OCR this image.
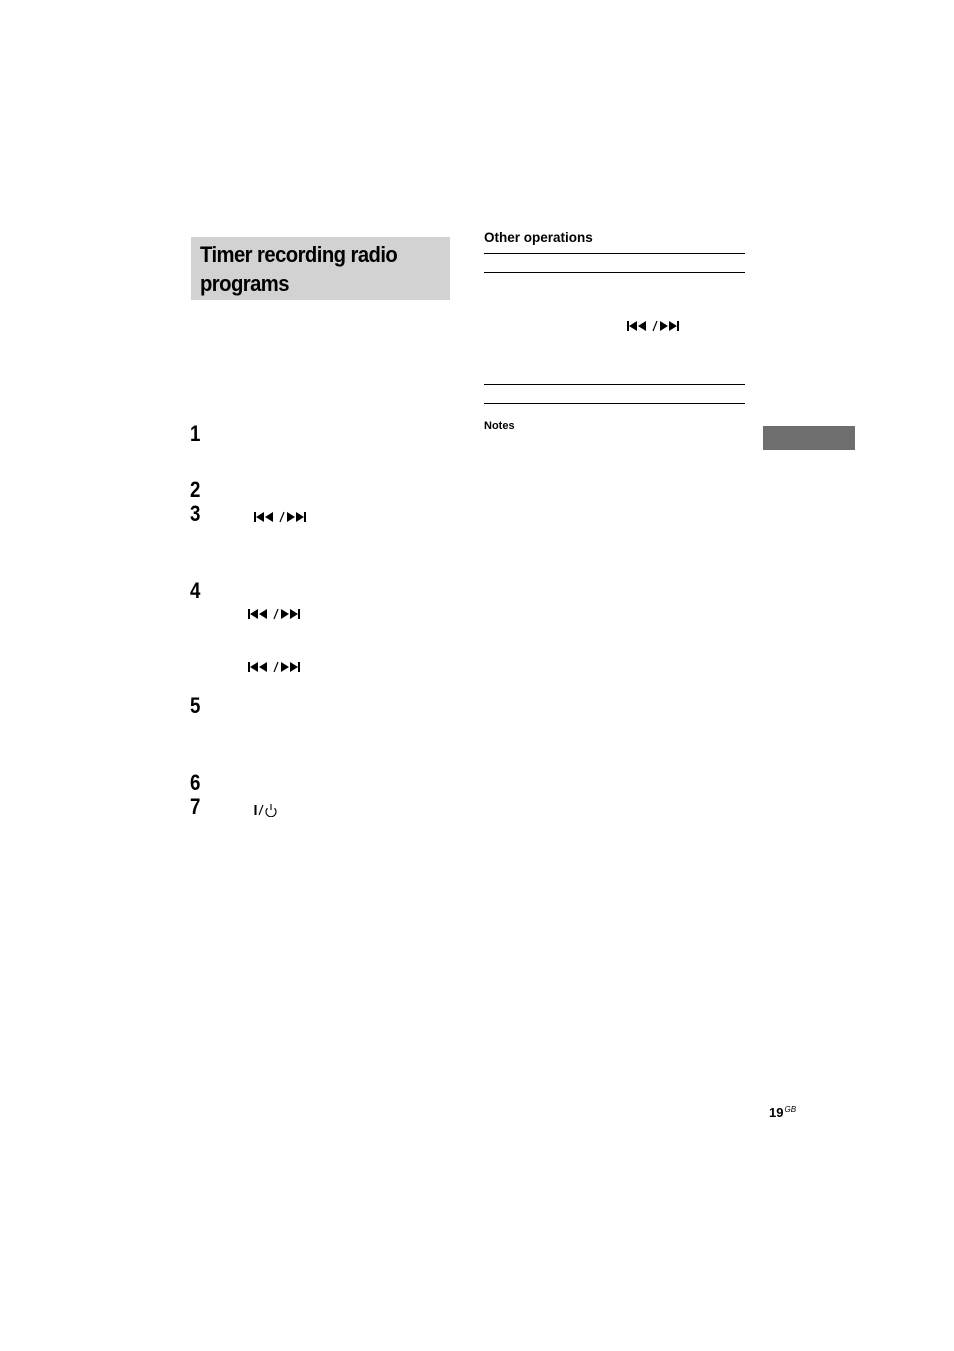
Timer recording radio
programs
1
2
3
4
5
6
7
Other operations
Notes
$19^{GB}$
